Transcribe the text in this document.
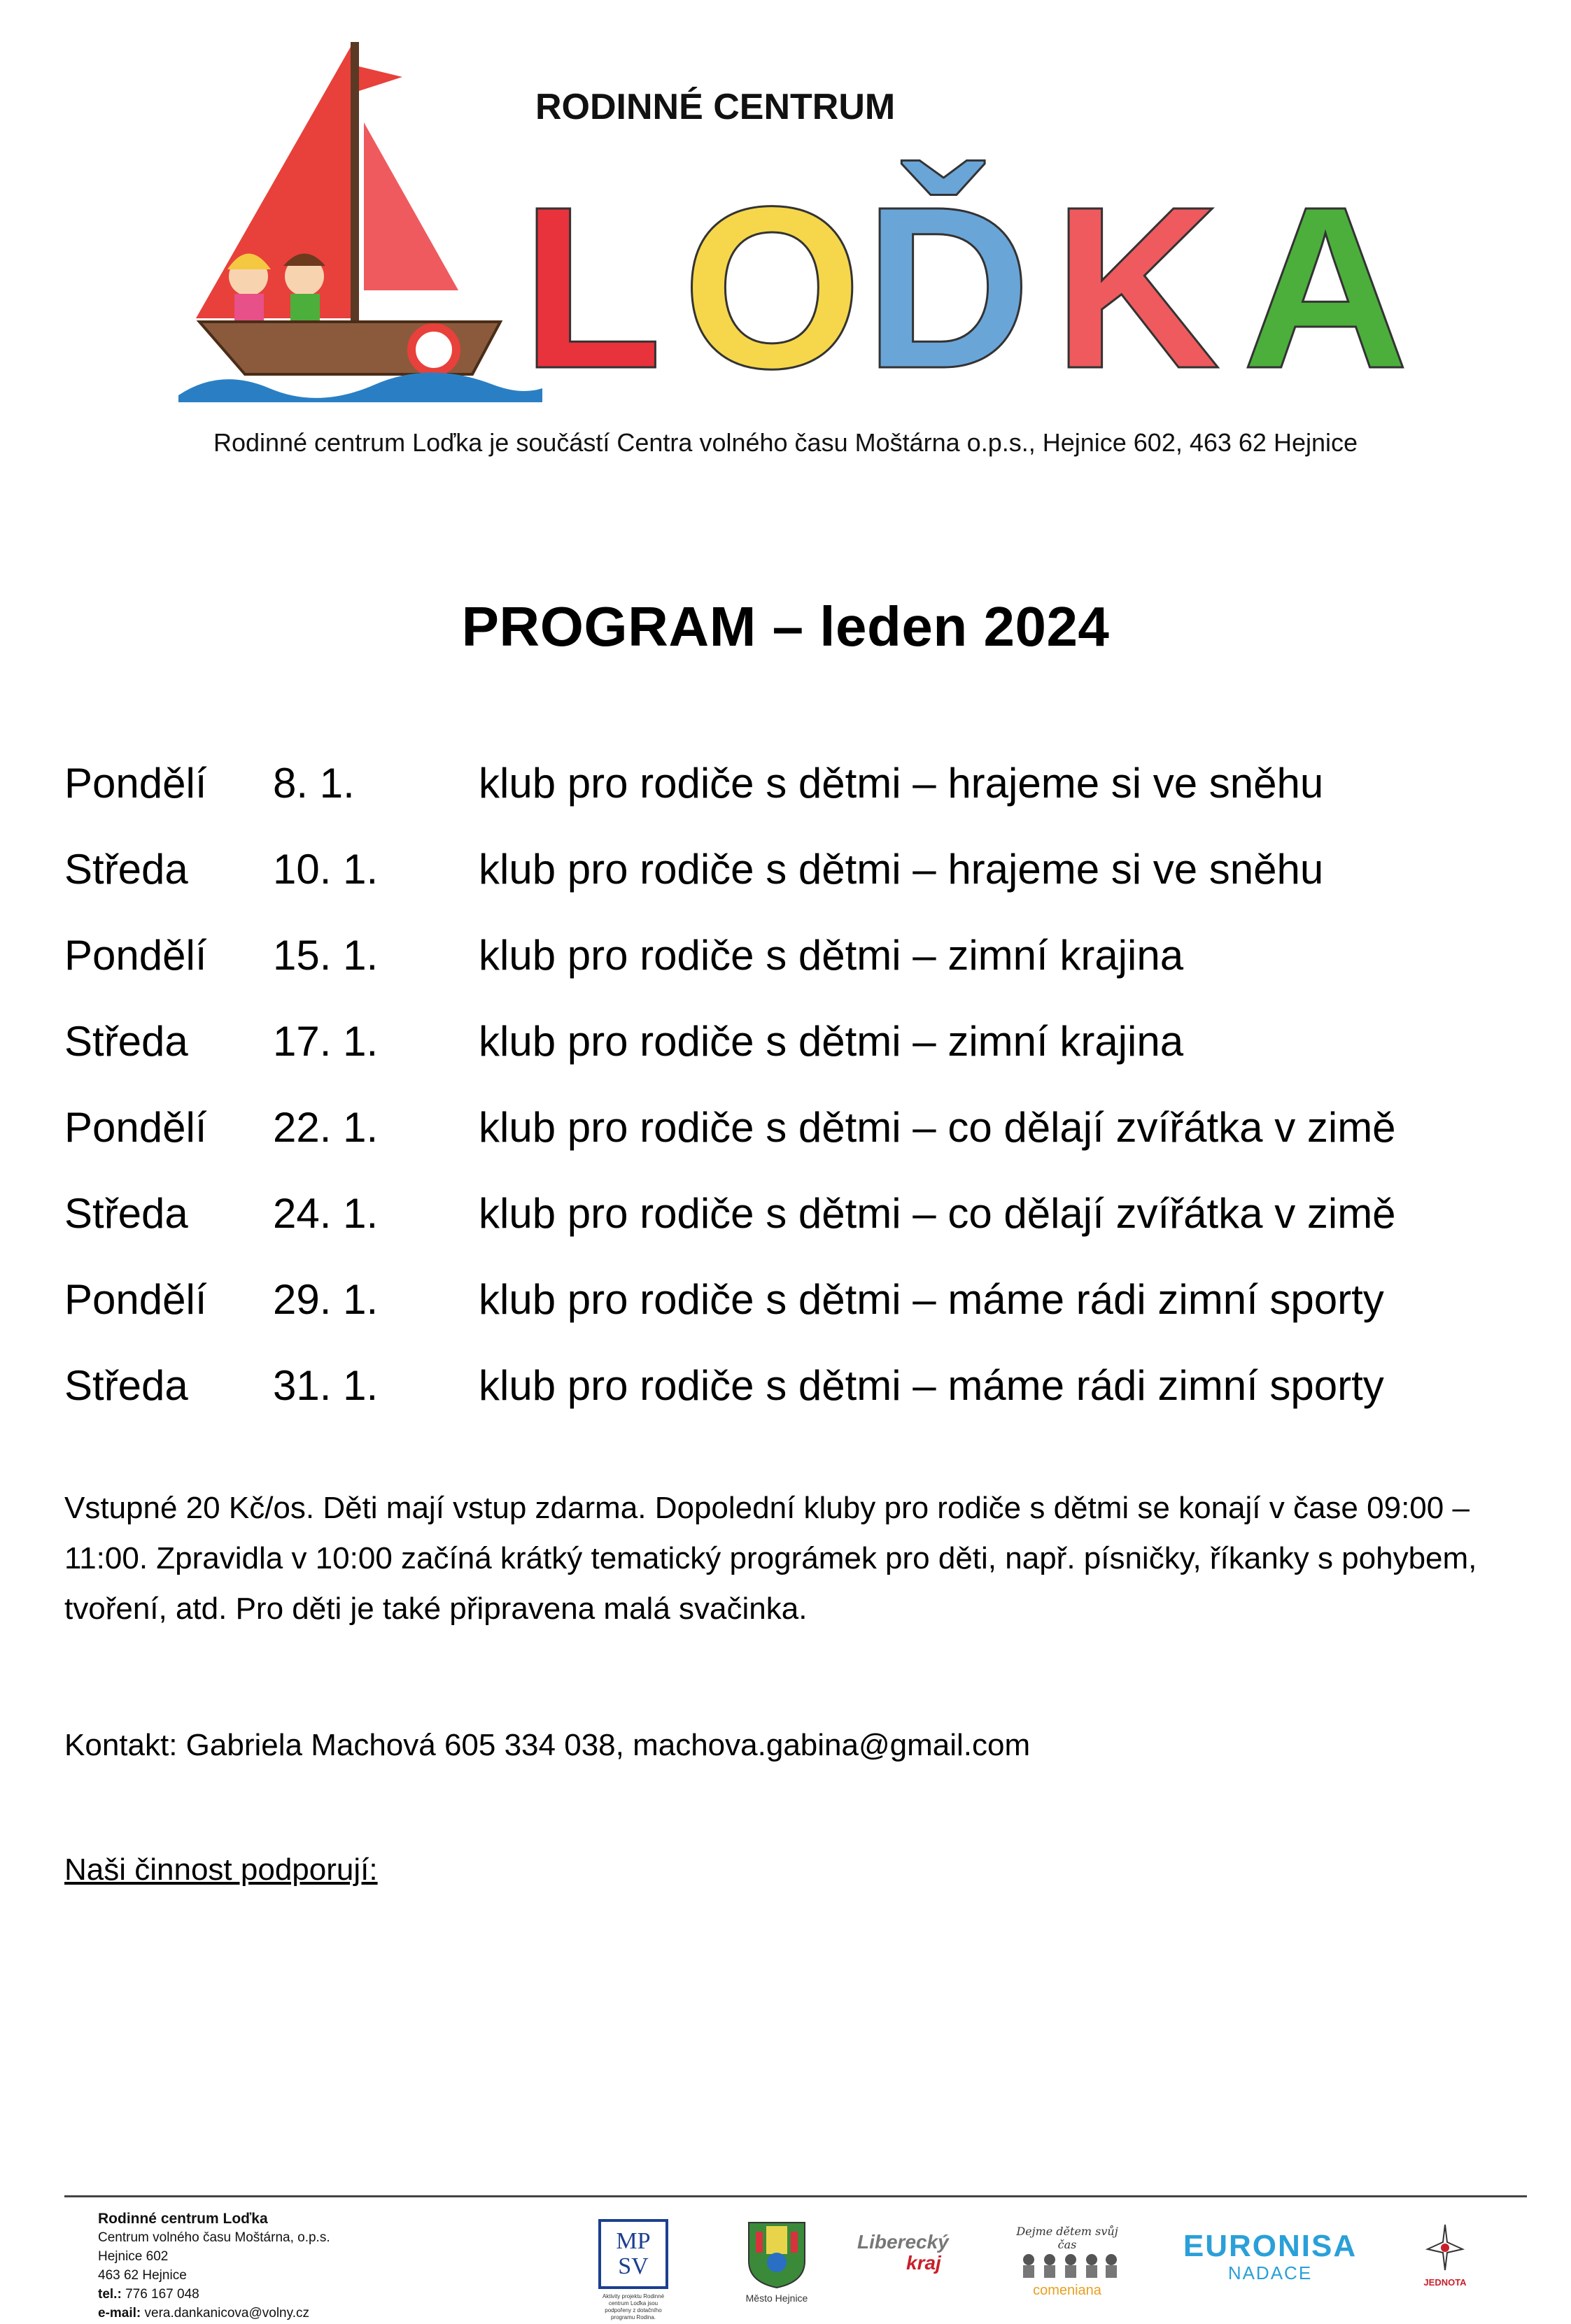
RODINNÉ CENTRUM
L O Ď K A
Rodinné centrum Loďka je součástí Centra volného času Moštárna o.p.s., Hejnice 602, 463 62 Hejnice
PROGRAM – leden 2024
Pondělí 8. 1.	klub pro rodiče s dětmi – hrajeme si ve sněhu
Středa 10. 1. klub pro rodiče s dětmi – hrajeme si ve sněhu
Pondělí 15. 1. klub pro rodiče s dětmi – zimní krajina
Středa 17. 1. klub pro rodiče s dětmi – zimní krajina
Pondělí 22. 1. klub pro rodiče s dětmi – co dělají zvířátka v zimě
Středa 24. 1. klub pro rodiče s dětmi – co dělají zvířátka v zimě
Pondělí 29. 1. klub pro rodiče s dětmi – máme rádi zimní sporty
Středa 31. 1. klub pro rodiče s dětmi – máme rádi zimní sporty
Vstupné 20 Kč/os. Děti mají vstup zdarma. Dopolední kluby pro rodiče s dětmi se konají v čase 09:00 – 11:00. Zpravidla v 10:00 začíná krátký tematický prográmek pro děti, např. písničky, říkanky s pohybem, tvoření, atd. Pro děti je také připravena malá svačinka.
Kontakt: Gabriela Machová 605 334 038, machova.gabina@gmail.com
Naši činnost podporují:
Rodinné centrum Loďka
Centrum volného času Moštárna, o.p.s.
Hejnice 602
463 62 Hejnice
tel.: 776 167 048
e-mail: vera.dankanicova@volny.cz
MP
SV
Aktivity projektu Rodinné centrum Loďka jsou podpořeny z dotačního programu Rodina.
Město Hejnice
Liberecký
kraj
Dejme dětem svůj čas
comeniana
EURONISA
NADACE	JEDNOTA
